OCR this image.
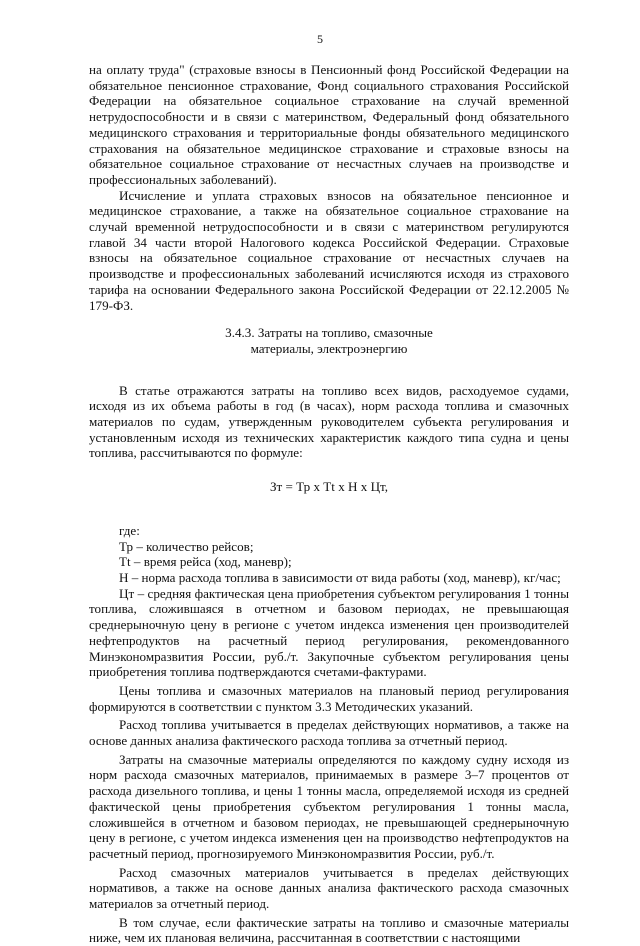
5

на оплату труда" (страховые взносы в Пенсионный фонд Российской Федерации на обязательное пенсионное страхование, Фонд социального страхования Российской Федерации на обязательное социальное страхование на случай временной нетрудоспособности и в связи с материнством, Федеральный фонд обязательного медицинского страхования и территориальные фонды обязательного медицинского страхования на обязательное медицинское страхование и страховые взносы на обязательное социальное страхование от несчастных случаев на производстве и профессиональных заболеваний).

Исчисление и уплата страховых взносов на обязательное пенсионное и медицинское страхование, а также на обязательное социальное страхование на случай временной нетрудоспособности и в связи с материнством регулируются главой 34 части второй Налогового кодекса Российской Федерации. Страховые взносы на обязательное социальное страхование от несчастных случаев на производстве и профессиональных заболеваний исчисляются исходя из страхового тарифа на основании Федерального закона Российской Федерации от 22.12.2005 № 179-ФЗ.

3.4.3. Затраты на топливо, смазочные
материалы, электроэнергию

В статье отражаются затраты на топливо всех видов, расходуемое судами, исходя из их объема работы в год (в часах), норм расхода топлива и смазочных материалов по судам, утвержденным руководителем субъекта регулирования и установленным исходя из технических характеристик каждого типа судна и цены топлива, рассчитываются по формуле:

Зт = Тр х Тt х Н х Цт,

где:

Тр – количество рейсов;

Тt – время рейса (ход, маневр);

Н – норма расхода топлива в зависимости от вида работы (ход, маневр), кг/час;

Цт – средняя фактическая цена приобретения субъектом регулирования 1 тонны топлива, сложившаяся в отчетном и базовом периодах, не превышающая среднерыночную цену в регионе с учетом индекса изменения цен производителей нефтепродуктов на расчетный период регулирования, рекомендованного Минэкономразвития России, руб./т. Закупочные субъектом регулирования цены приобретения топлива подтверждаются счетами-фактурами.

Цены топлива и смазочных материалов на плановый период регулирования формируются в соответствии с пунктом 3.3 Методических указаний.

Расход топлива учитывается в пределах действующих нормативов, а также на основе данных анализа фактического расхода топлива за отчетный период.

Затраты на смазочные материалы определяются по каждому судну исходя из норм расхода смазочных материалов, принимаемых в размере 3–7 процентов от расхода дизельного топлива, и цены 1 тонны масла, определяемой исходя из средней фактической цены приобретения субъектом регулирования 1 тонны масла, сложившейся в отчетном и базовом периодах, не превышающей среднерыночную цену в регионе, с учетом индекса изменения цен на производство нефтепродуктов на расчетный период, прогнозируемого Минэкономразвития России, руб./т.

Расход смазочных материалов учитывается в пределах действующих нормативов, а также на основе данных анализа фактического расхода смазочных материалов за отчетный период.

В том случае, если фактические затраты на топливо и смазочные материалы ниже, чем их плановая величина, рассчитанная в соответствии с настоящими
